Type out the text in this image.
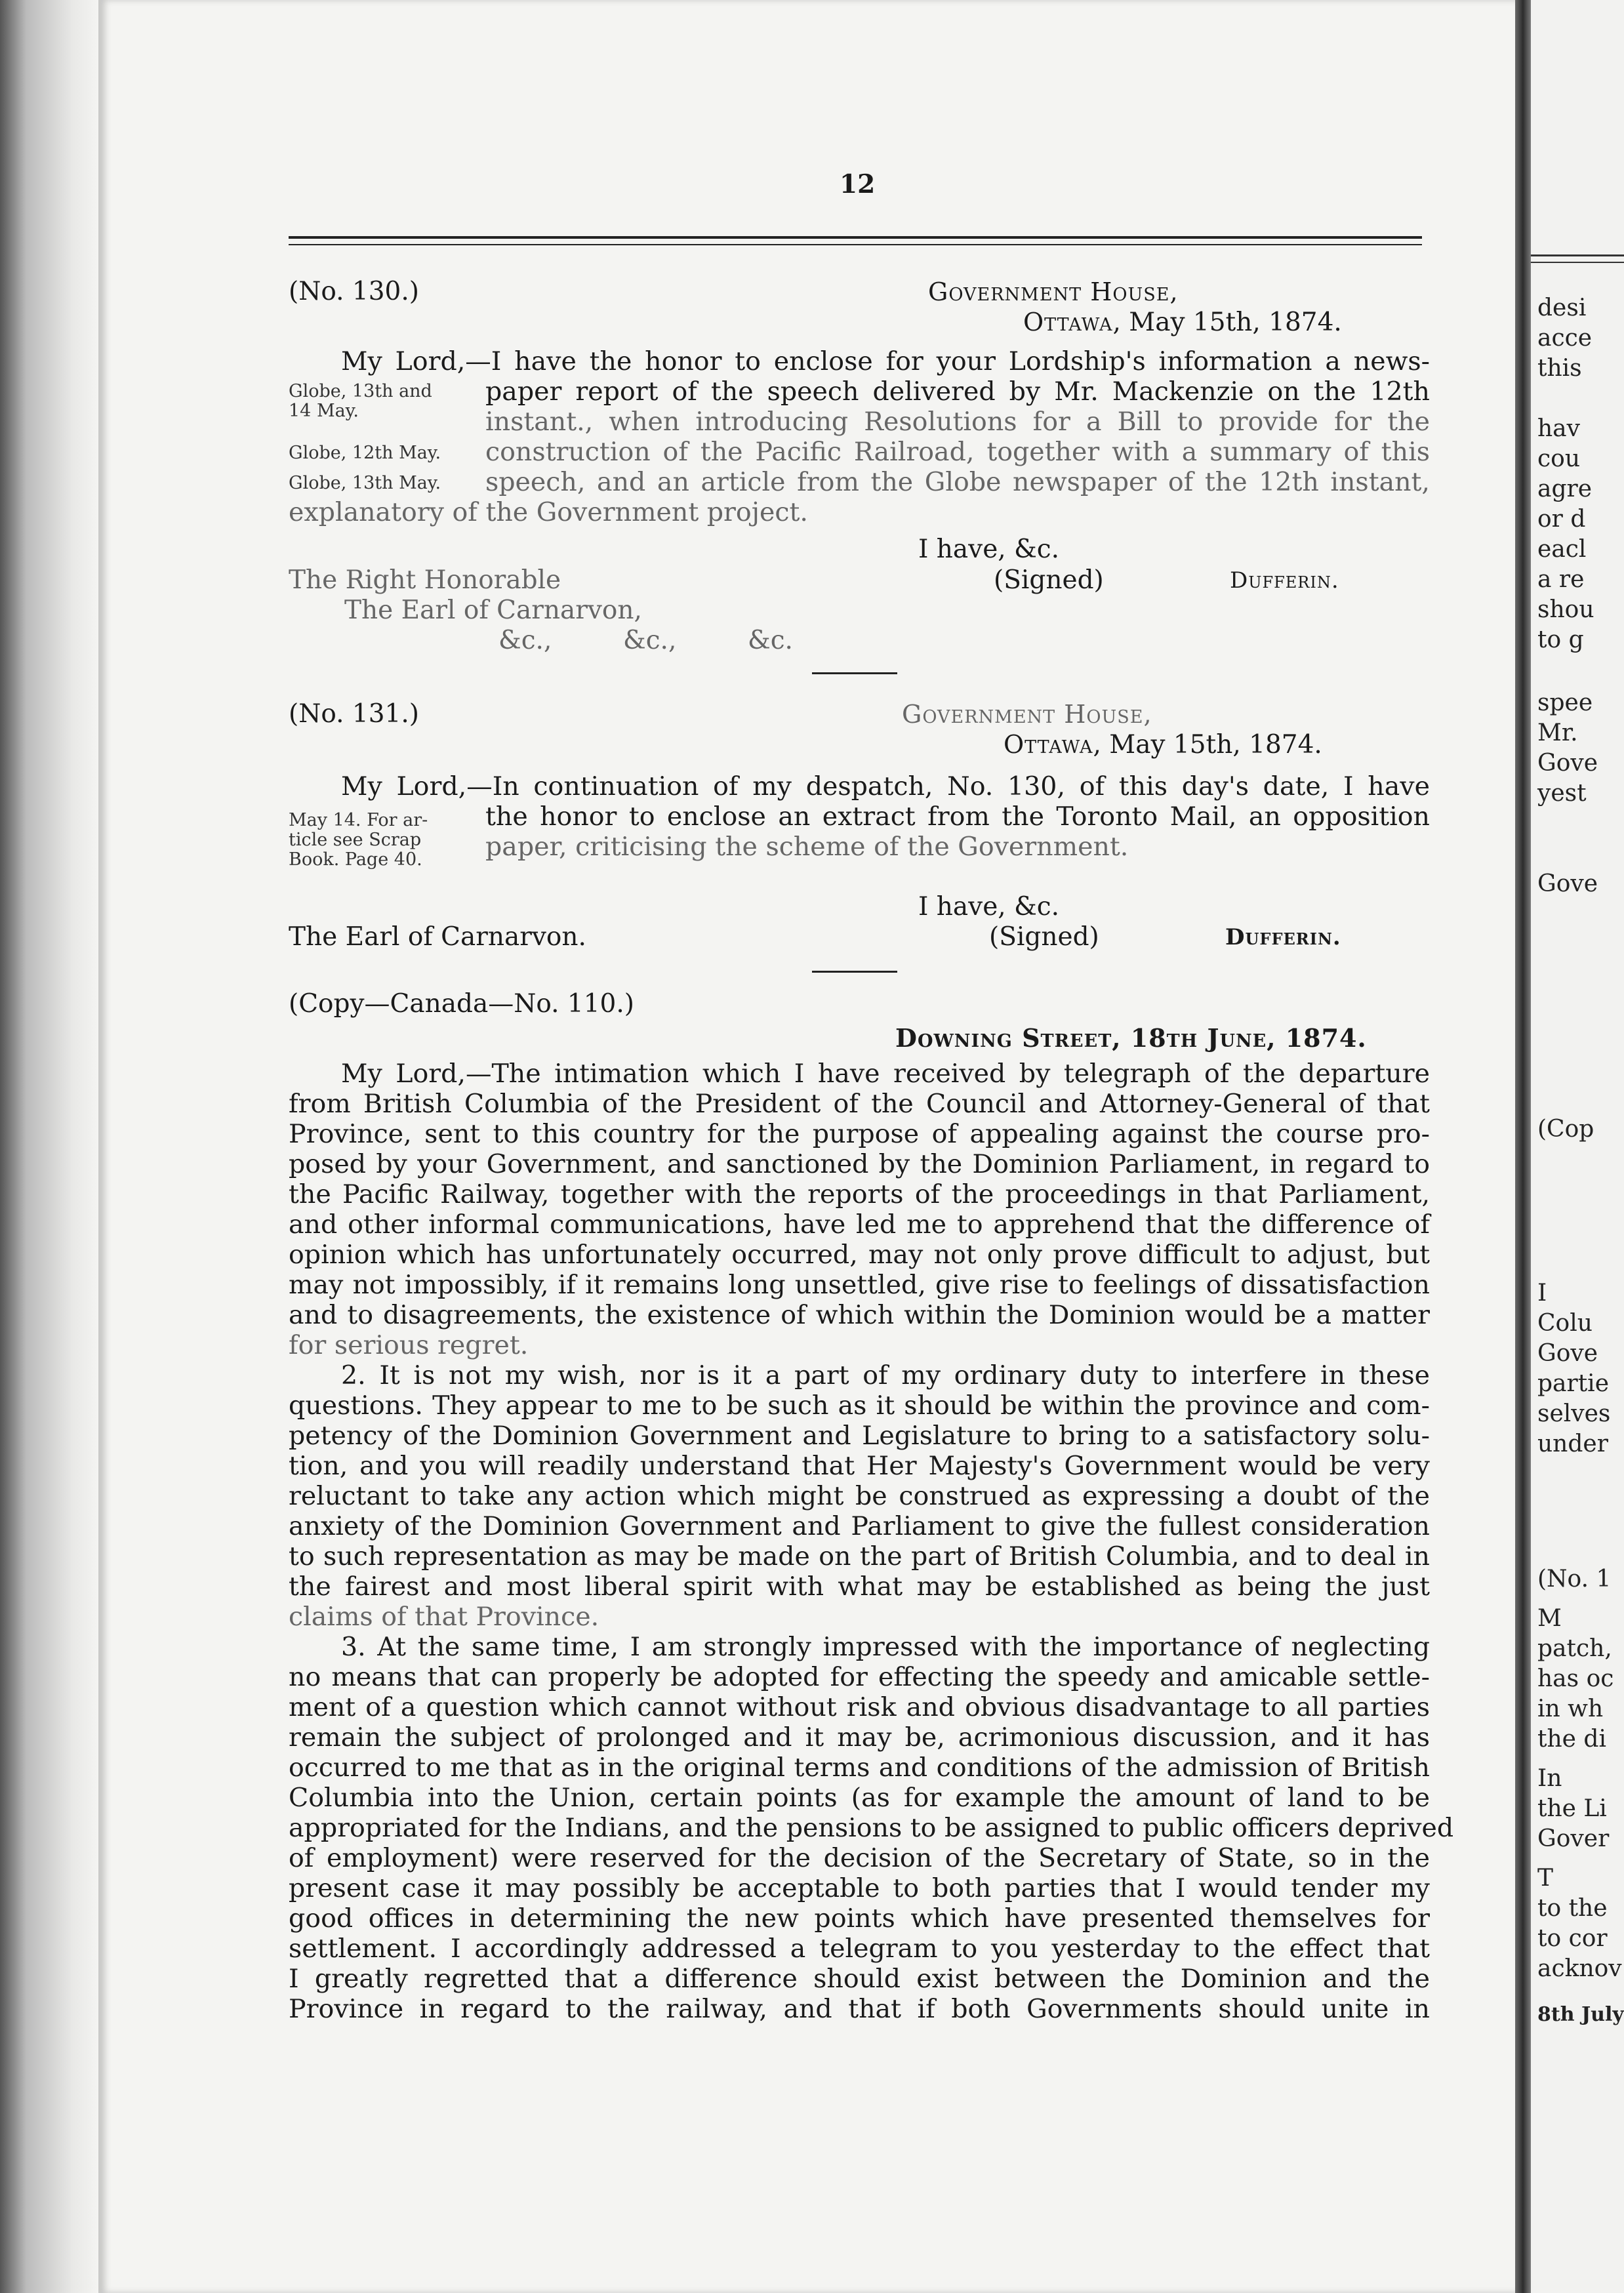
12
(No. 130.)	Government House,
Ottawa, May 15th, 1874.
My Lord,—I have the honor to enclose for your Lordship's information a news-
paper report of the speech delivered by Mr. Mackenzie on the 12th
instant., when introducing Resolutions for a Bill to provide for the
construction of the Pacific Railroad, together with a summary of this
speech, and an article from the Globe newspaper of the 12th instant,
explanatory of the Government project.
Globe, 13th and
14 May.
Globe, 12th May.
Globe, 13th May.
I have, &c.
The Right Honorable	(Signed)	Dufferin.
The Earl of Carnarvon,
&c.,	&c.,	&c.
(No. 131.)	Government House,
Ottawa, May 15th, 1874.
My Lord,—In continuation of my despatch, No. 130, of this day's date, I have
the honor to enclose an extract from the Toronto Mail, an opposition
paper, criticising the scheme of the Government.
May 14. For ar-
ticle see Scrap
Book. Page 40.
I have, &c.
The Earl of Carnarvon.	(Signed)	Dufferin.
(Copy—Canada—No. 110.)
Downing Street, 18th June, 1874.
My Lord,—The intimation which I have received by telegraph of the departure
from British Columbia of the President of the Council and Attorney-General of that
Province, sent to this country for the purpose of appealing against the course pro-
posed by your Government, and sanctioned by the Dominion Parliament, in regard to
the Pacific Railway, together with the reports of the proceedings in that Parliament,
and other informal communications, have led me to apprehend that the difference of
opinion which has unfortunately occurred, may not only prove difficult to adjust, but
may not impossibly, if it remains long unsettled, give rise to feelings of dissatisfaction
and to disagreements, the existence of which within the Dominion would be a matter
for serious regret.
2. It is not my wish, nor is it a part of my ordinary duty to interfere in these
questions. They appear to me to be such as it should be within the province and com-
petency of the Dominion Government and Legislature to bring to a satisfactory solu-
tion, and you will readily understand that Her Majesty's Government would be very
reluctant to take any action which might be construed as expressing a doubt of the
anxiety of the Dominion Government and Parliament to give the fullest consideration
to such representation as may be made on the part of British Columbia, and to deal in
the fairest and most liberal spirit with what may be established as being the just
claims of that Province.
3. At the same time, I am strongly impressed with the importance of neglecting
no means that can properly be adopted for effecting the speedy and amicable settle-
ment of a question which cannot without risk and obvious disadvantage to all parties
remain the subject of prolonged and it may be, acrimonious discussion, and it has
occurred to me that as in the original terms and conditions of the admission of British
Columbia into the Union, certain points (as for example the amount of land to be
appropriated for the Indians, and the pensions to be assigned to public officers deprived
of employment) were reserved for the decision of the Secretary of State, so in the
present case it may possibly be acceptable to both parties that I would tender my
good offices in determining the new points which have presented themselves for
settlement. I accordingly addressed a telegram to you yesterday to the effect that
I greatly regretted that a difference should exist between the Dominion and the
Province in regard to the railway, and that if both Governments should unite in
desi
acce
this
hav
cou
agre
or d
eacl
a re
shou
to g
spee
Mr.
Gove
yest
Gove
(Cop
I
Colu
Gove
partie
selves
under
(No. 1
M
patch,
has oc
in wh
the di
In
the Li
Gover
T
to the
to cor
acknov
8th July
